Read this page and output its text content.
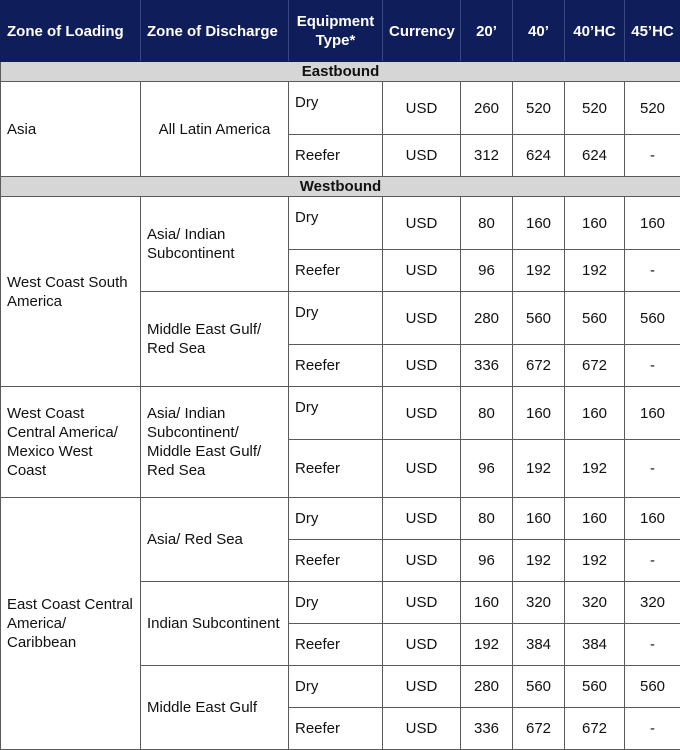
Zone of Loading	Zone of Discharge	Equipment Type*	Currency	20’	40’	40’HC	45’HC
Eastbound							
Asia	All Latin America	Dry	USD	260	520	520	520
		Reefer	USD	312	624	624	-
Westbound							
West Coast South America	Asia/ Indian Subcontinent	Dry	USD	80	160	160	160
		Reefer	USD	96	192	192	-
	Middle East Gulf/ Red Sea	Dry	USD	280	560	560	560
		Reefer	USD	336	672	672	-
West Coast Central America/ Mexico West Coast	Asia/ Indian Subcontinent/ Middle East Gulf/ Red Sea	Dry	USD	80	160	160	160
		Reefer	USD	96	192	192	-
East Coast Central America/ Caribbean	Asia/ Red Sea	Dry	USD	80	160	160	160
		Reefer	USD	96	192	192	-
	Indian Subcontinent	Dry	USD	160	320	320	320
		Reefer	USD	192	384	384	-
	Middle East Gulf	Dry	USD	280	560	560	560
		Reefer	USD	336	672	672	-
